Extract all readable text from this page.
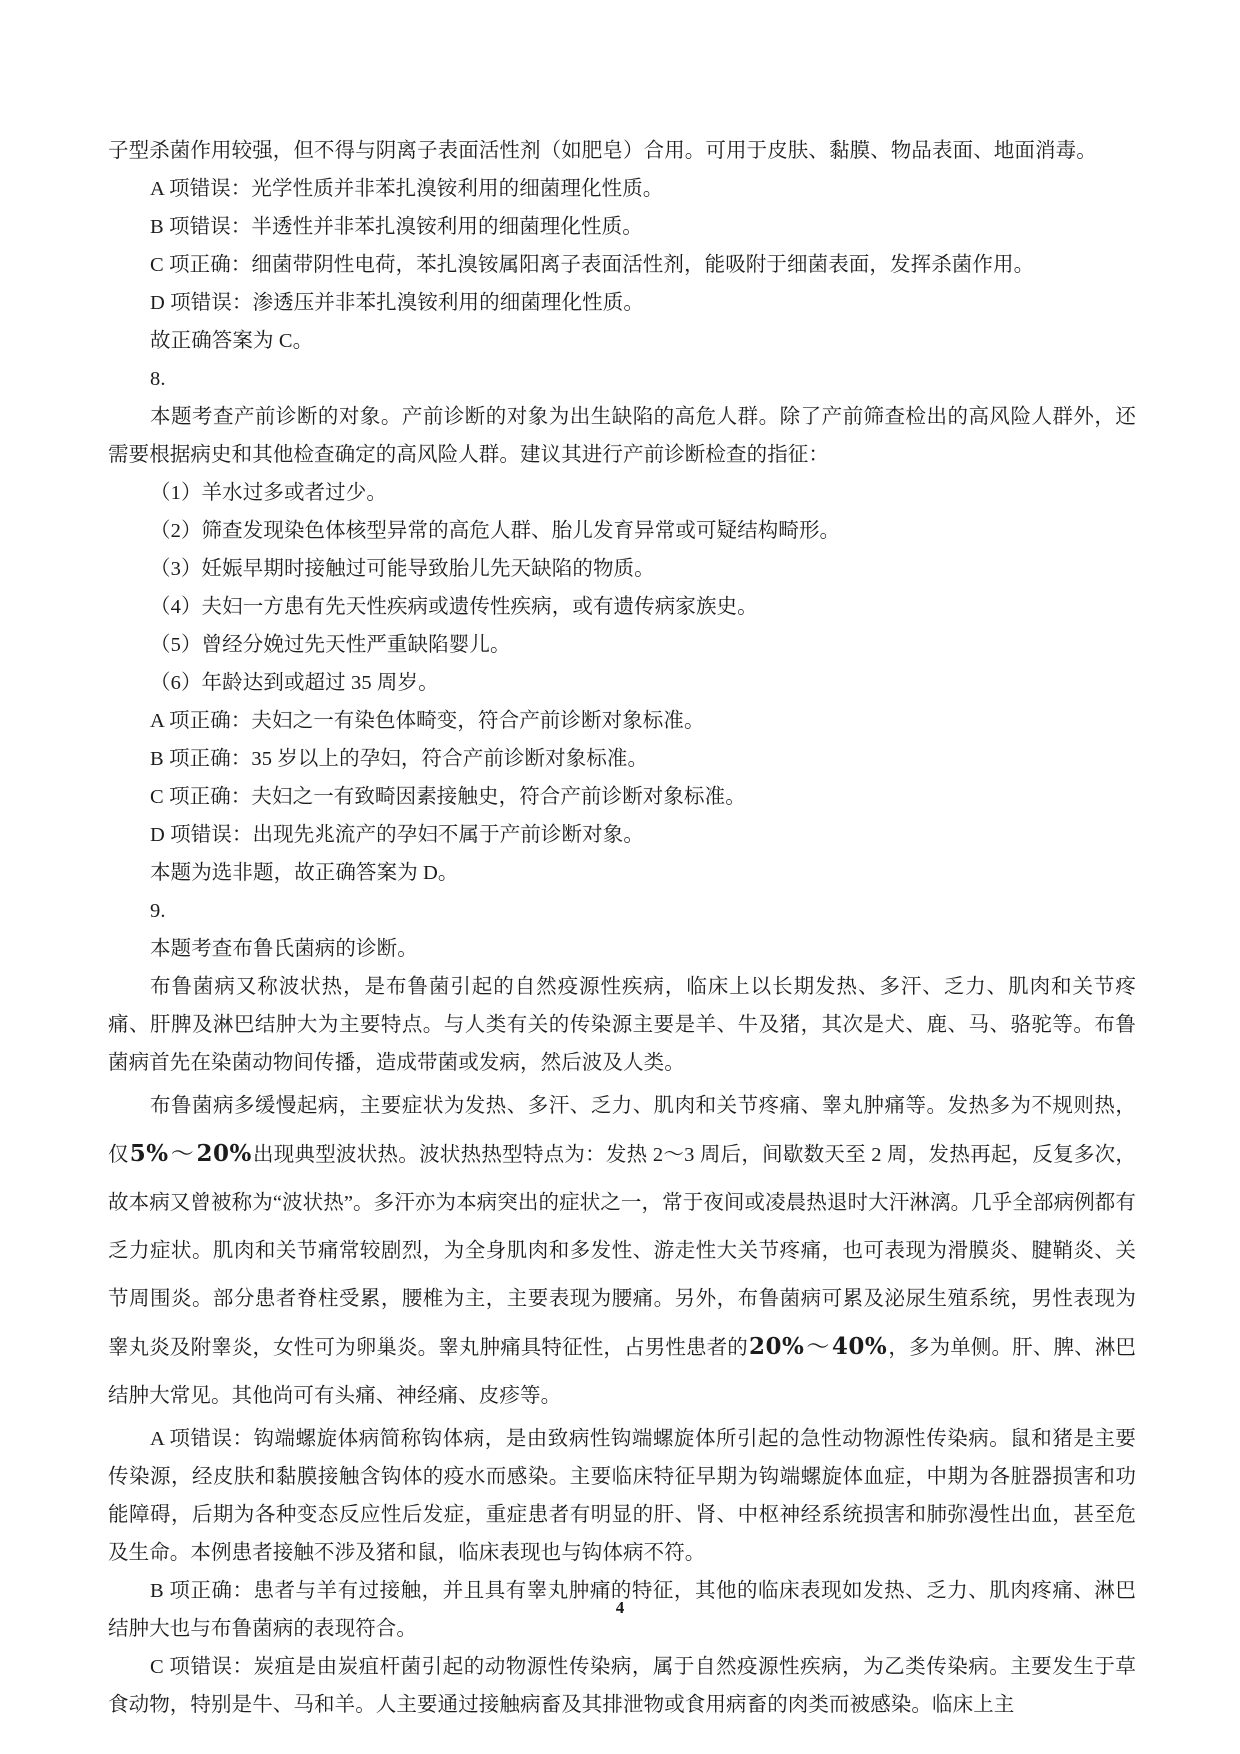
子型杀菌作用较强，但不得与阴离子表面活性剂（如肥皂）合用。可用于皮肤、黏膜、物品表面、地面消毒。

A 项错误：光学性质并非苯扎溴铵利用的细菌理化性质。

B 项错误：半透性并非苯扎溴铵利用的细菌理化性质。

C 项正确：细菌带阴性电荷，苯扎溴铵属阳离子表面活性剂，能吸附于细菌表面，发挥杀菌作用。

D 项错误：渗透压并非苯扎溴铵利用的细菌理化性质。

故正确答案为 C。

8.

本题考查产前诊断的对象。产前诊断的对象为出生缺陷的高危人群。除了产前筛查检出的高风险人群外，还需要根据病史和其他检查确定的高风险人群。建议其进行产前诊断检查的指征：

（1）羊水过多或者过少。

（2）筛查发现染色体核型异常的高危人群、胎儿发育异常或可疑结构畸形。

（3）妊娠早期时接触过可能导致胎儿先天缺陷的物质。

（4）夫妇一方患有先天性疾病或遗传性疾病，或有遗传病家族史。

（5）曾经分娩过先天性严重缺陷婴儿。

（6）年龄达到或超过 35 周岁。

A 项正确：夫妇之一有染色体畸变，符合产前诊断对象标准。

B 项正确：35 岁以上的孕妇，符合产前诊断对象标准。

C 项正确：夫妇之一有致畸因素接触史，符合产前诊断对象标准。

D 项错误：出现先兆流产的孕妇不属于产前诊断对象。

本题为选非题，故正确答案为 D。

9.

本题考查布鲁氏菌病的诊断。

布鲁菌病又称波状热，是布鲁菌引起的自然疫源性疾病，临床上以长期发热、多汗、乏力、肌肉和关节疼痛、肝脾及淋巴结肿大为主要特点。与人类有关的传染源主要是羊、牛及猪，其次是犬、鹿、马、骆驼等。布鲁菌病首先在染菌动物间传播，造成带菌或发病，然后波及人类。

布鲁菌病多缓慢起病，主要症状为发热、多汗、乏力、肌肉和关节疼痛、睾丸肿痛等。发热多为不规则热，仅5%～20%出现典型波状热。波状热热型特点为：发热 2～3 周后，间歇数天至 2 周，发热再起，反复多次，故本病又曾被称为“波状热”。多汗亦为本病突出的症状之一，常于夜间或凌晨热退时大汗淋漓。几乎全部病例都有乏力症状。肌肉和关节痛常较剧烈，为全身肌肉和多发性、游走性大关节疼痛，也可表现为滑膜炎、腱鞘炎、关节周围炎。部分患者脊柱受累，腰椎为主，主要表现为腰痛。另外，布鲁菌病可累及泌尿生殖系统，男性表现为睾丸炎及附睾炎，女性可为卵巢炎。睾丸肿痛具特征性，占男性患者的20%～40%，多为单侧。肝、脾、淋巴结肿大常见。其他尚可有头痛、神经痛、皮疹等。

A 项错误：钩端螺旋体病简称钩体病，是由致病性钩端螺旋体所引起的急性动物源性传染病。鼠和猪是主要传染源，经皮肤和黏膜接触含钩体的疫水而感染。主要临床特征早期为钩端螺旋体血症，中期为各脏器损害和功能障碍，后期为各种变态反应性后发症，重症患者有明显的肝、肾、中枢神经系统损害和肺弥漫性出血，甚至危及生命。本例患者接触不涉及猪和鼠，临床表现也与钩体病不符。

B 项正确：患者与羊有过接触，并且具有睾丸肿痛的特征，其他的临床表现如发热、乏力、肌肉疼痛、淋巴结肿大也与布鲁菌病的表现符合。

C 项错误：炭疽是由炭疽杆菌引起的动物源性传染病，属于自然疫源性疾病，为乙类传染病。主要发生于草食动物，特别是牛、马和羊。人主要通过接触病畜及其排泄物或食用病畜的肉类而被感染。临床上主

4
